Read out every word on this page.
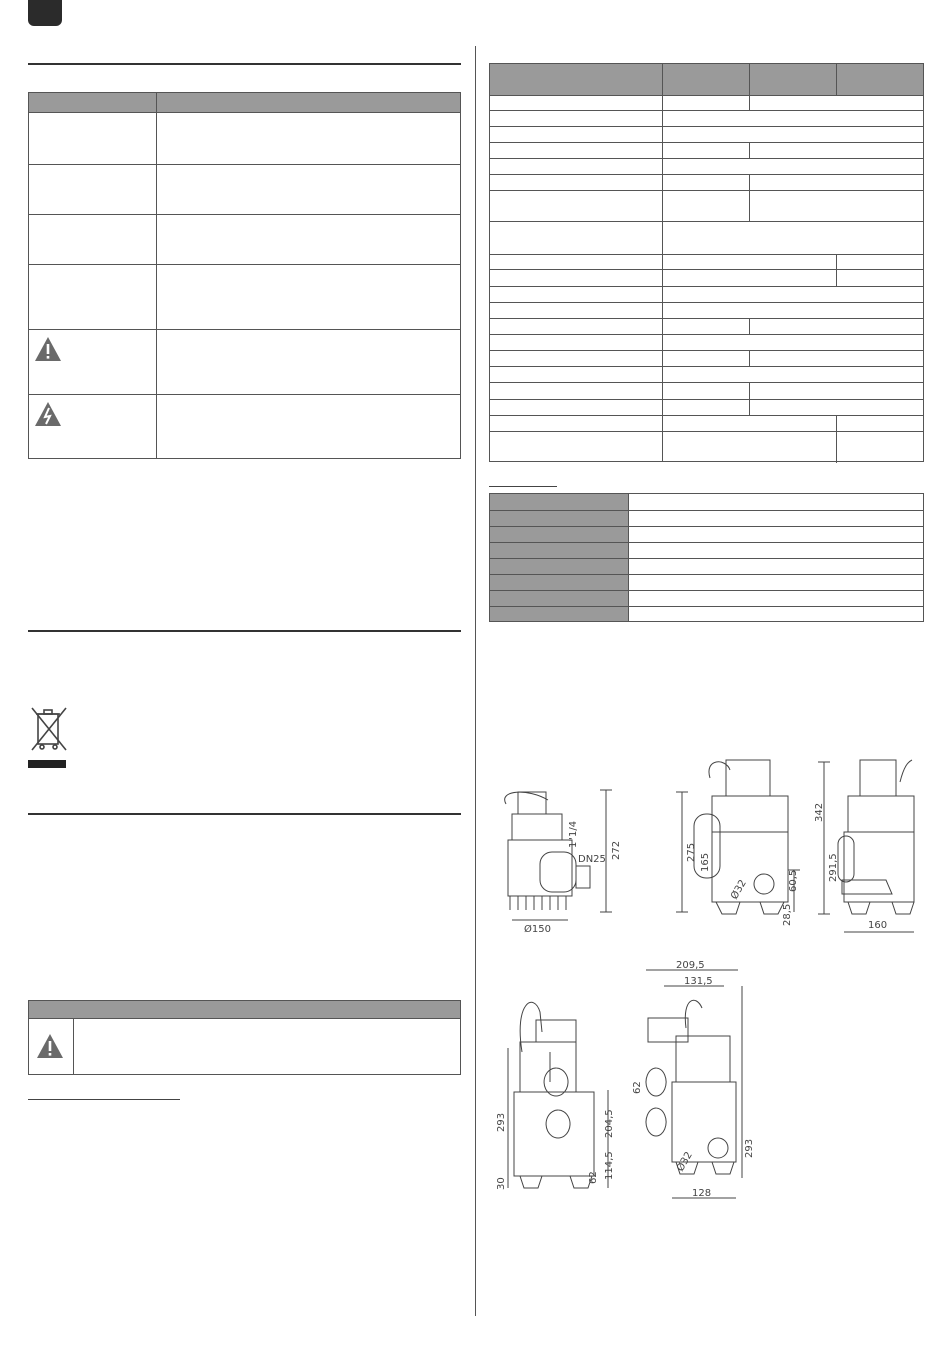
1"1/4
272
DN25
Ø150
275
165
Ø32	60,5
28,5
342
291,5
160
293	204,5
114,5
62
30
209,5
131,5
62
293
Ø32
128
